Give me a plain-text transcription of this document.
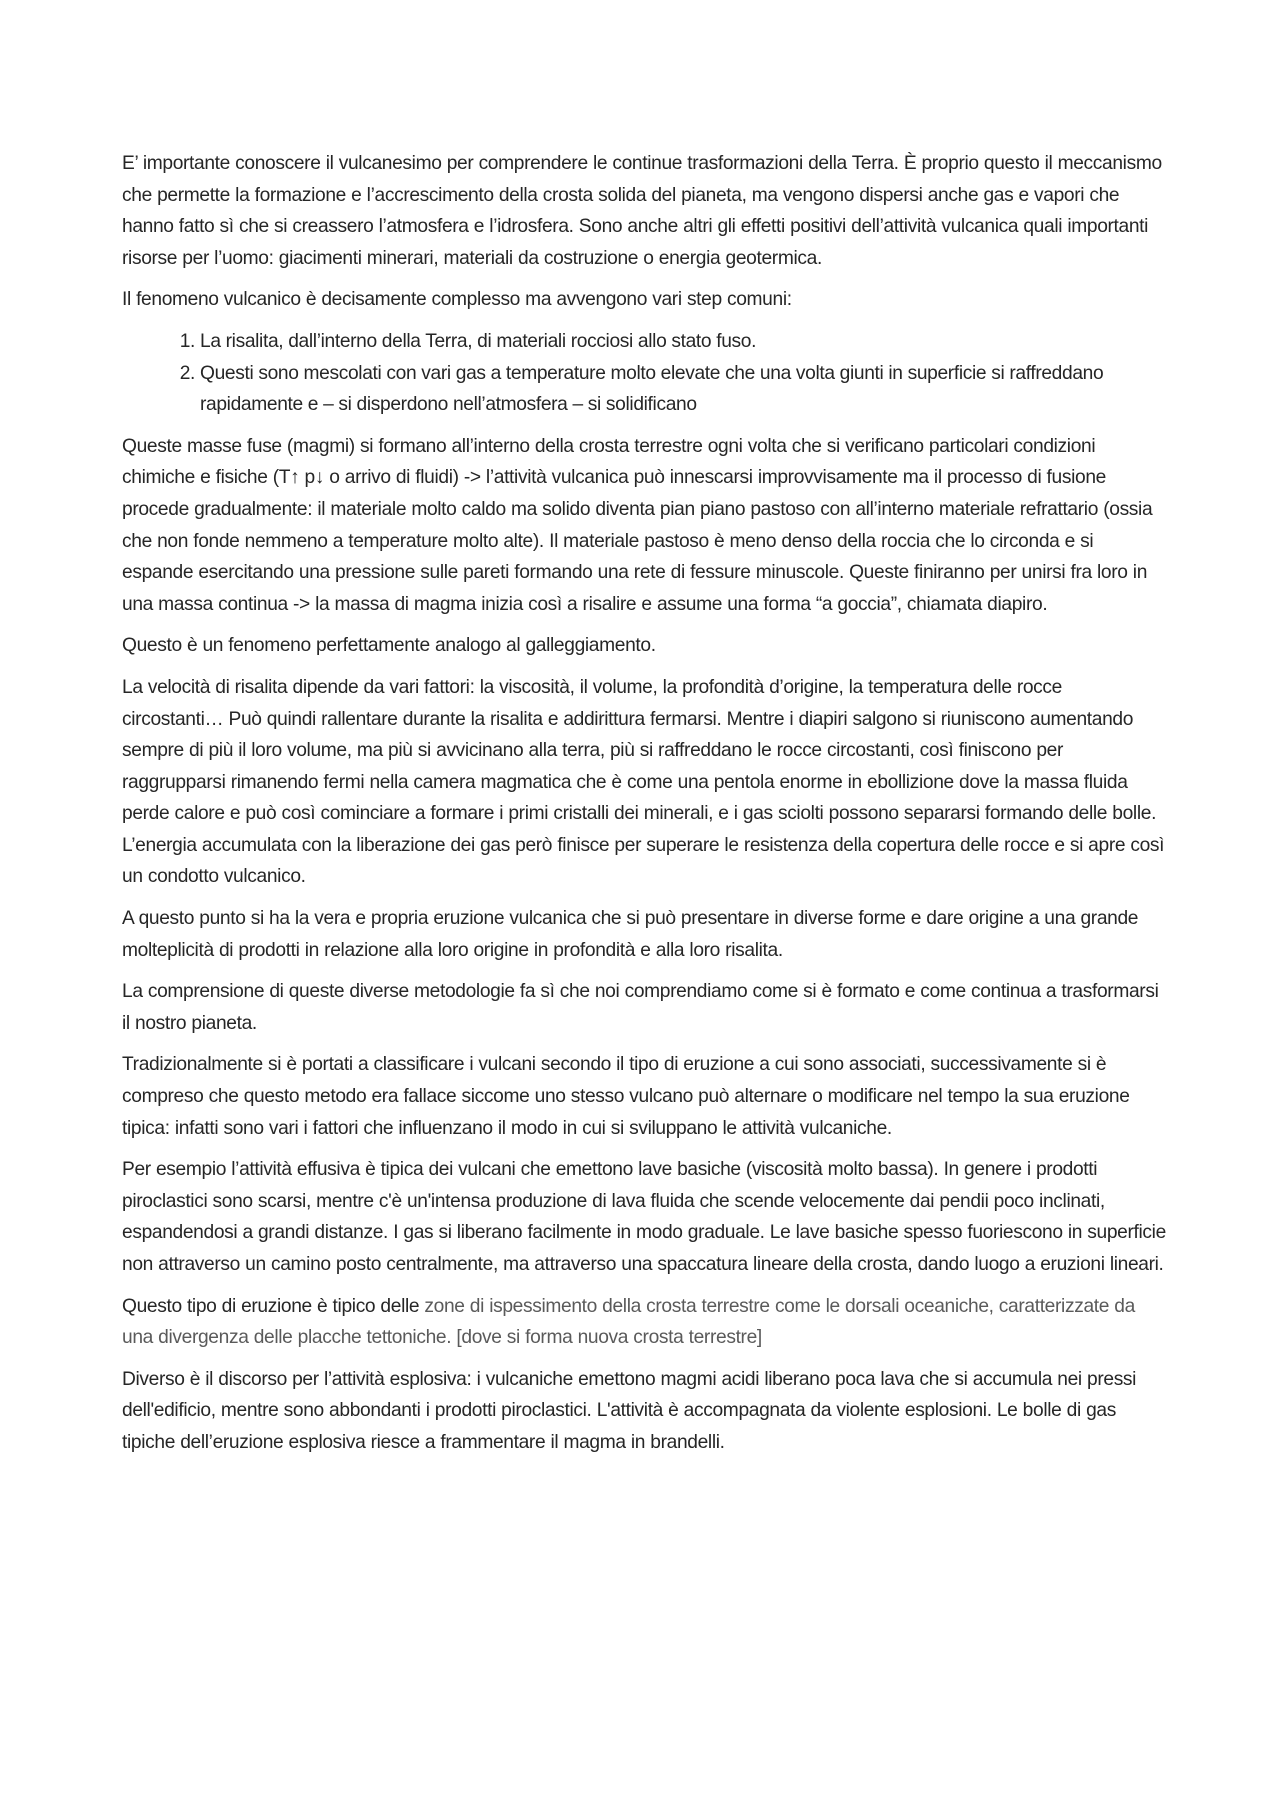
E’ importante conoscere il vulcanesimo per comprendere le continue trasformazioni della Terra. È proprio questo il meccanismo che permette la formazione e l’accrescimento della crosta solida del pianeta, ma vengono dispersi anche gas e vapori che hanno fatto sì che si creassero l’atmosfera e l’idrosfera. Sono anche altri gli effetti positivi dell’attività vulcanica quali importanti risorse per l’uomo: giacimenti minerari, materiali da costruzione o energia geotermica.

Il fenomeno vulcanico è decisamente complesso ma avvengono vari step comuni:

1. La risalita, dall’interno della Terra, di materiali rocciosi allo stato fuso.
2. Questi sono mescolati con vari gas a temperature molto elevate che una volta giunti in superficie si raffreddano rapidamente e – si disperdono nell’atmosfera – si solidificano

Queste masse fuse (magmi) si formano all’interno della crosta terrestre ogni volta che si verificano particolari condizioni chimiche e fisiche (T↑ p↓ o arrivo di fluidi) -> l’attività vulcanica può innescarsi improvvisamente ma il processo di fusione procede gradualmente: il materiale molto caldo ma solido diventa pian piano pastoso con all’interno materiale refrattario (ossia che non fonde nemmeno a temperature molto alte). Il materiale pastoso è meno denso della roccia che lo circonda e si espande esercitando una pressione sulle pareti formando una rete di fessure minuscole. Queste finiranno per unirsi fra loro in una massa continua -> la massa di magma inizia così a risalire e assume una forma “a goccia”, chiamata diapiro.

Questo è un fenomeno perfettamente analogo al galleggiamento.

La velocità di risalita dipende da vari fattori: la viscosità, il volume, la profondità d’origine, la temperatura delle rocce circostanti… Può quindi rallentare durante la risalita e addirittura fermarsi. Mentre i diapiri salgono si riuniscono aumentando sempre di più il loro volume, ma più si avvicinano alla terra, più si raffreddano le rocce circostanti, così finiscono per raggrupparsi rimanendo fermi nella camera magmatica che è come una pentola enorme in ebollizione dove la massa fluida perde calore e può così cominciare a formare i primi cristalli dei minerali, e i gas sciolti possono separarsi formando delle bolle. L’energia accumulata con la liberazione dei gas però finisce per superare le resistenza della copertura delle rocce e si apre così un condotto vulcanico.

A questo punto si ha la vera e propria eruzione vulcanica che si può presentare in diverse forme e dare origine a una grande molteplicità di prodotti in relazione alla loro origine in profondità e alla loro risalita.

La comprensione di queste diverse metodologie fa sì che noi comprendiamo come si è formato e come continua a trasformarsi il nostro pianeta.

Tradizionalmente si è portati a classificare i vulcani secondo il tipo di eruzione a cui sono associati, successivamente si è compreso che questo metodo era fallace siccome uno stesso vulcano può alternare o modificare nel tempo la sua eruzione tipica: infatti sono vari i fattori che influenzano il modo in cui si sviluppano le attività vulcaniche.

Per esempio l’attività effusiva è tipica dei vulcani che emettono lave basiche (viscosità molto bassa). In genere i prodotti piroclastici sono scarsi, mentre c'è un'intensa produzione di lava fluida che scende velocemente dai pendii poco inclinati, espandendosi a grandi distanze. I gas si liberano facilmente in modo graduale. Le lave basiche spesso fuoriescono in superficie non attraverso un camino posto centralmente, ma attraverso una spaccatura lineare della crosta, dando luogo a eruzioni lineari.

Questo tipo di eruzione è tipico delle zone di ispessimento della crosta terrestre come le dorsali oceaniche, caratterizzate da una divergenza delle placche tettoniche. [dove si forma nuova crosta terrestre]

Diverso è il discorso per l’attività esplosiva: i vulcaniche emettono magmi acidi liberano poca lava che si accumula nei pressi dell'edificio, mentre sono abbondanti i prodotti piroclastici. L'attività è accompagnata da violente esplosioni. Le bolle di gas tipiche dell’eruzione esplosiva riesce a frammentare il magma in brandelli.
